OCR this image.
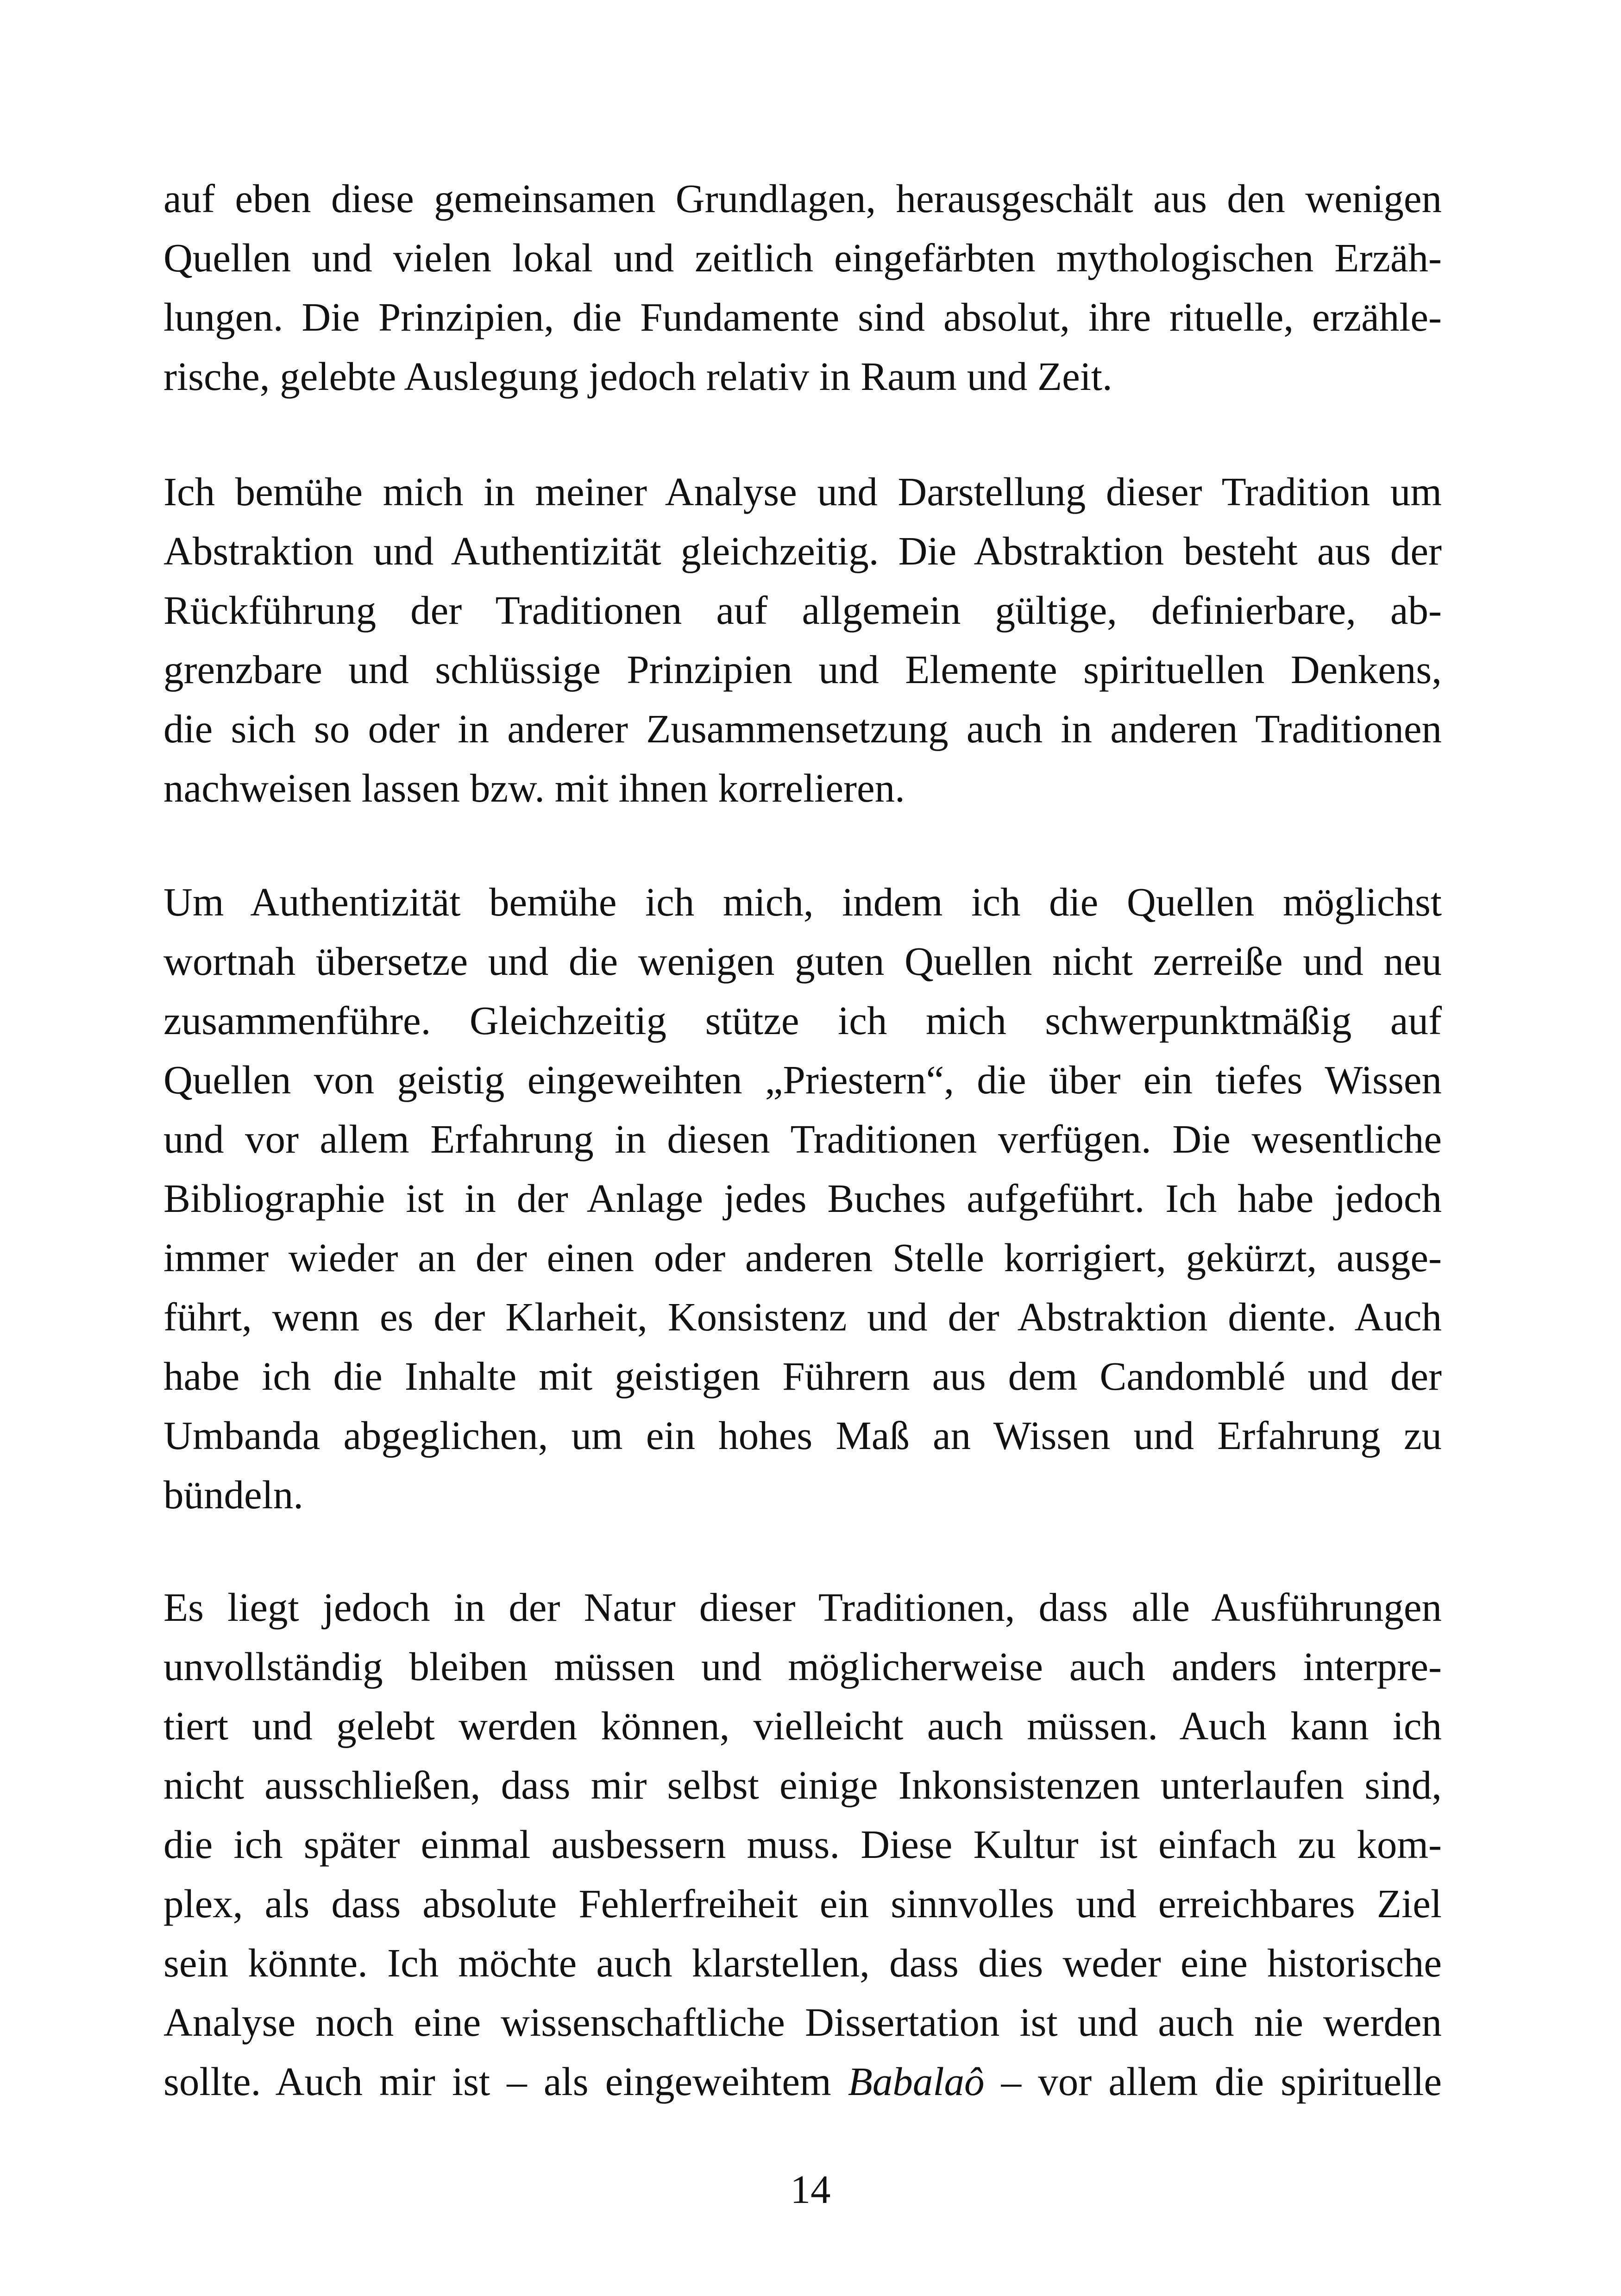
auf eben diese gemeinsamen Grundlagen, herausgeschält aus den wenigen
Quellen und vielen lokal und zeitlich eingefärbten mythologischen Erzäh-
lungen. Die Prinzipien, die Fundamente sind absolut, ihre rituelle, erzähle-
rische, gelebte Auslegung jedoch relativ in Raum und Zeit.
Ich bemühe mich in meiner Analyse und Darstellung dieser Tradition um
Abstraktion und Authentizität gleichzeitig. Die Abstraktion besteht aus der
Rückführung der Traditionen auf allgemein gültige, definierbare, ab-
grenzbare und schlüssige Prinzipien und Elemente spirituellen Denkens,
die sich so oder in anderer Zusammensetzung auch in anderen Traditionen
nachweisen lassen bzw. mit ihnen korrelieren.
Um Authentizität bemühe ich mich, indem ich die Quellen möglichst
wortnah übersetze und die wenigen guten Quellen nicht zerreiße und neu
zusammenführe. Gleichzeitig stütze ich mich schwerpunktmäßig auf
Quellen von geistig eingeweihten „Priestern“, die über ein tiefes Wissen
und vor allem Erfahrung in diesen Traditionen verfügen. Die wesentliche
Bibliographie ist in der Anlage jedes Buches aufgeführt. Ich habe jedoch
immer wieder an der einen oder anderen Stelle korrigiert, gekürzt, ausge-
führt, wenn es der Klarheit, Konsistenz und der Abstraktion diente. Auch
habe ich die Inhalte mit geistigen Führern aus dem Candomblé und der
Umbanda abgeglichen, um ein hohes Maß an Wissen und Erfahrung zu
bündeln.
Es liegt jedoch in der Natur dieser Traditionen, dass alle Ausführungen
unvollständig bleiben müssen und möglicherweise auch anders interpre-
tiert und gelebt werden können, vielleicht auch müssen. Auch kann ich
nicht ausschließen, dass mir selbst einige Inkonsistenzen unterlaufen sind,
die ich später einmal ausbessern muss. Diese Kultur ist einfach zu kom-
plex, als dass absolute Fehlerfreiheit ein sinnvolles und erreichbares Ziel
sein könnte. Ich möchte auch klarstellen, dass dies weder eine historische
Analyse noch eine wissenschaftliche Dissertation ist und auch nie werden
sollte. Auch mir ist – als eingeweihtem Babalaô – vor allem die spirituelle
14
